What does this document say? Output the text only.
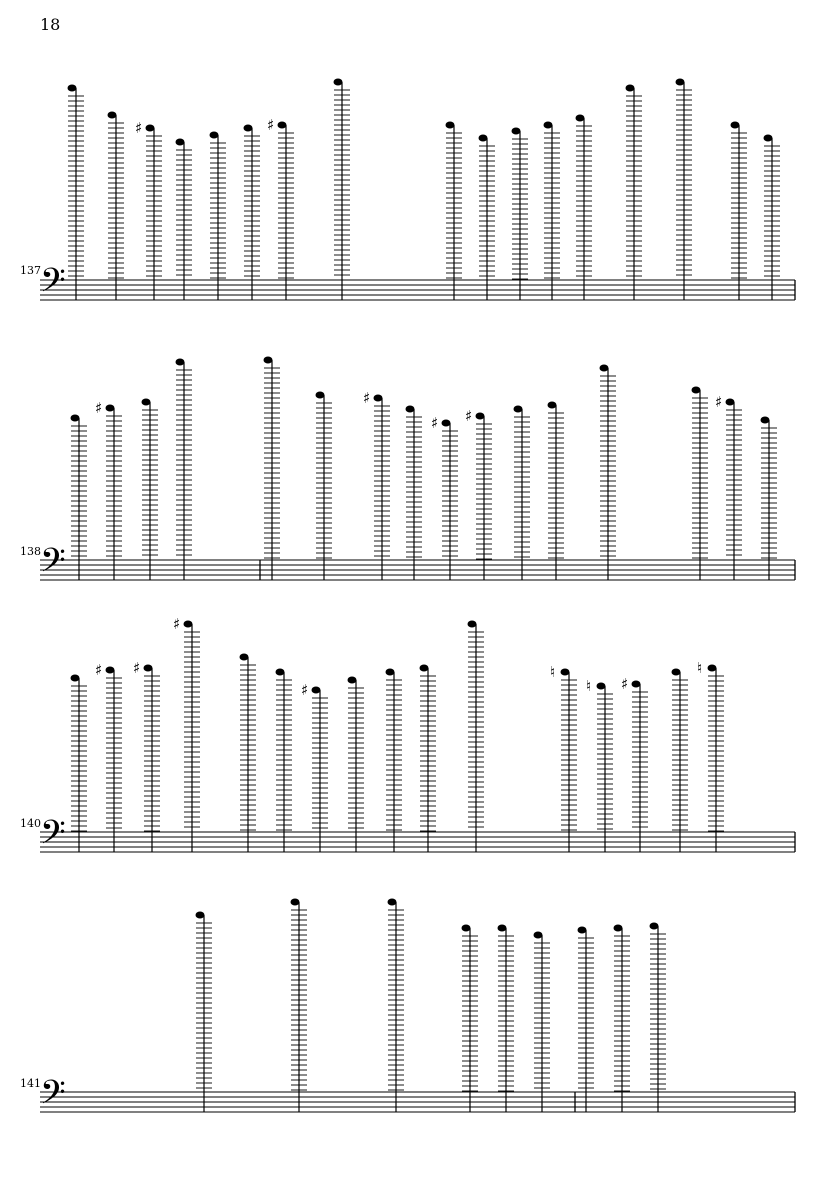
18
137 𝄢
♯	♯
138 𝄢
♯
♯
♯ ♯
♯
140 𝄢
♯ ♯
♯
♯
♮
♮ ♯
♮
141 𝄢
